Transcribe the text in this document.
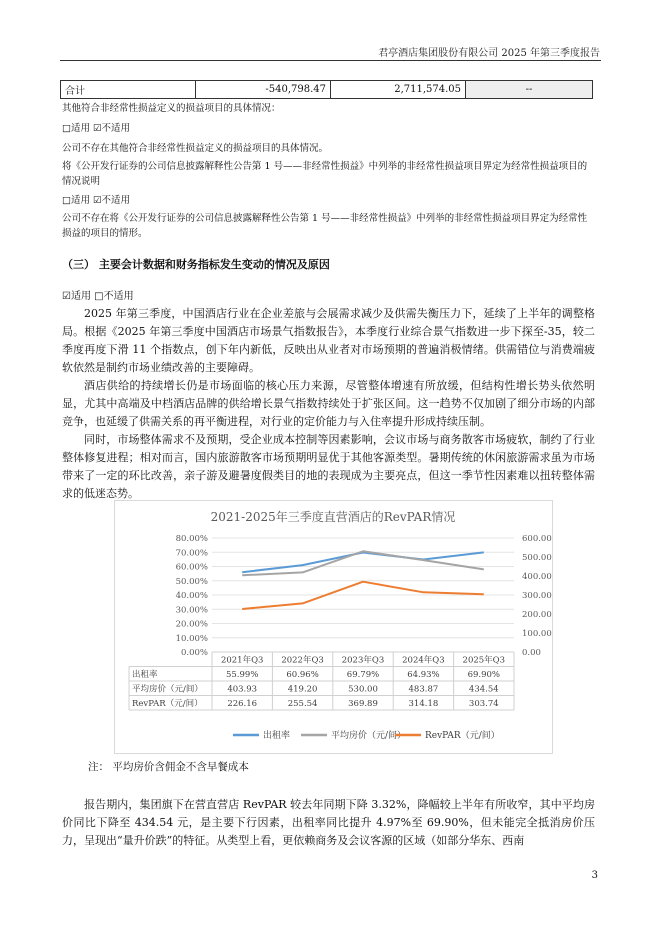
君亭酒店集团股份有限公司 2025 年第三季度报告
合计	-540,798.47	2,711,574.05	--
其他符合非经常性损益定义的损益项目的具体情况：
□适用 ☑不适用
公司不存在其他符合非经常性损益定义的损益项目的具体情况。
将《公开发行证券的公司信息披露解释性公告第 1 号——非经常性损益》中列举的非经常性损益项目界定为经常性损益项目的情况说明
□适用 ☑不适用
公司不存在将《公开发行证券的公司信息披露解释性公告第 1 号——非经常性损益》中列举的非经常性损益项目界定为经常性损益的项目的情形。
（三） 主要会计数据和财务指标发生变动的情况及原因
☑适用 □不适用
2025 年第三季度，中国酒店行业在企业差旅与会展需求减少及供需失衡压力下，延续了上半年的调整格局。根据《2025 年第三季度中国酒店市场景气指数报告》，本季度行业综合景气指数进一步下探至-35，较二季度再度下滑 11 个指数点，创下年内新低，反映出从业者对市场预期的普遍消极情绪。供需错位与消费端疲软依然是制约市场业绩改善的主要障碍。
酒店供给的持续增长仍是市场面临的核心压力来源，尽管整体增速有所放缓，但结构性增长势头依然明显，尤其中高端及中档酒店品牌的供给增长景气指数持续处于扩张区间。这一趋势不仅加剧了细分市场的内部竞争，也延缓了供需关系的再平衡进程，对行业的定价能力与入住率提升形成持续压制。
同时，市场整体需求不及预期，受企业成本控制等因素影响，会议市场与商务散客市场疲软，制约了行业整体修复进程；相对而言，国内旅游散客市场预期明显优于其他客源类型。暑期传统的休闲旅游需求虽为市场带来了一定的环比改善，亲子游及避暑度假类目的地的表现成为主要亮点，但这一季节性因素难以扭转整体需求的低迷态势。
2021-2025年三季度直营酒店的RevPAR情况
80.00%
70.00%
60.00%
50.00%
40.00%
30.00%
20.00%
10.00%
0.00%
600.00
500.00
400.00
300.00
200.00
100.00
0.00
2021年Q3 2022年Q3 2023年Q3 2024年Q3 2025年Q3
出租率	55.99%	60.96%	69.79%	64.93%	69.90%
平均房价（元/间）	403.93	419.20	530.00	483.87	434.54
RevPAR（元/间）	226.16	255.54	369.89	314.18	303.74
出租率	平均房价（元/间） RevPAR（元/间）
注： 平均房价含佣金不含早餐成本
报告期内，集团旗下在营直营店 RevPAR 较去年同期下降 3.32%，降幅较上半年有所收窄，其中平均房价同比下降至 434.54 元，是主要下行因素，出租率同比提升 4.97%至 69.90%，但未能完全抵消房价压力，呈现出“量升价跌”的特征。从类型上看，更依赖商务及会议客源的区域（如部分华东、西南
3
